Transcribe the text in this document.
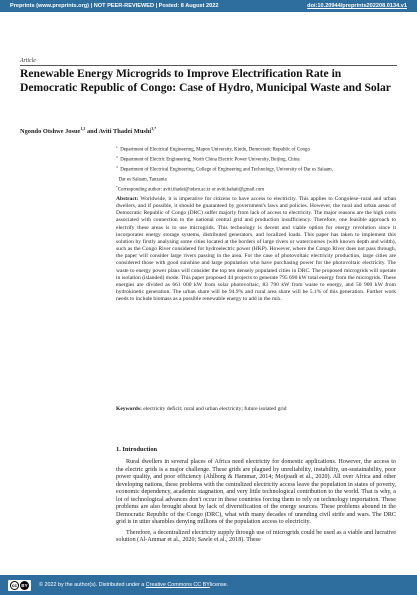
Preprints (www.preprints.org) | NOT PEER-REVIEWED | Posted: 8 August 2022	doi:10.20944/preprints202208.0134.v1
Article
Renewable Energy Microgrids to Improve Electrification Rate in Democratic Republic of Congo: Case of Hydro, Municipal Waste and Solar
Ngondo Otshwe Josue$^{1,2}$ and Aviti Thadei Mushi$^{3,*}$
$^1$  Department of Electrical Engineering, Mapon University, Kindu, Democratic Republic of Congo
$^2$  Department of Electric Engineering, North China Electric Power University, Beijing, China
$^3$  Department of Electrical Engineering, College of Engineering and Technology, University of Dar es Salaam,
Dar es Salaam, Tanzania
*Corresponding author: aviti.thadei@udsm.ac.tz or aviti.bahati@gmail.com
Abstract: Worldwide, it is imperative for citizens to have access to electricity. This applies to Congolese–rural and urban dwellers, and if possible, it should be guaranteed by government's laws and policies. However, the rural and urban areas of Democratic Republic of Congo (DRC) suffer majorly from lack of access to electricity. The major reasons are the high costs associated with connection to the national central grid and production insufficiency. Therefore, one feasible approach to electrify these areas is to use microgrids. This technology is decent and viable option for energy revolution since it incorporates energy storage systems, distributed generators, and localized loads. This paper has taken to implement this solution by firstly analysing some cities located at the borders of large rivers or watercourses (with known depth and width), such as the Congo River considered for hydroelectric power (HKP). However, where the Congo River does not pass through, the paper will consider large rivers passing in the area. For the case of photovoltaic electricity production, large cities are considered those with good sunshine and large population who have purchasing power for the photovoltaic electricity. The waste to energy power plans will consider the top ten densely populated cities in DRC. The proposed microgrids will operate in isolation (islanded) mode. This paper proposed 44 projects to generate 795 690 kW total energy from the microgrids. These energies are divided as 661 000 kW from solar photovoltaic, 83 790 kW from waste to energy, and 50 900 kW from hydrokinetic generation. The urban share will be 94.9% and rural area share will be 5.1% of this generation. Further work needs to include biomass as a possible renewable energy to add in the mix.
Keywords: electricity deficit; rural and urban electricity; future isolated grid
1. Introduction

Rural dwellers in several places of Africa need electricity for domestic applications. However, the access to the electric grids is a major challenge. These grids are plagued by unreliability, instability, un-sustainability, poor power quality, and poor efficiency (Ahlborg & Hammar, 2014; Motjoadi et al., 2020). All over Africa and other developing nations, these problems with the centralized electricity access leave the population in states of poverty, economic dependency, academic stagnation, and very little technological contribution to the world. That is why, a lot of technological advances don't occur in these countries forcing them to rely on technology importation. These problems are also brought about by lack of diversification of the energy sources. These problems abound in the Democratic Republic of the Congo (DRC), what with many decades of unending civil strife and wars. The DRC grid is in utter shambles denying millions of the population access to electricity.

Therefore, a decentralized electricity supply through use of microgrids could be used as a viable and lucrative solution (Al-Ammar et al., 2020; Sawle et al., 2018). These

cc BY © 2022 by the author(s). Distributed under a
Creative Commons CC BY license.
